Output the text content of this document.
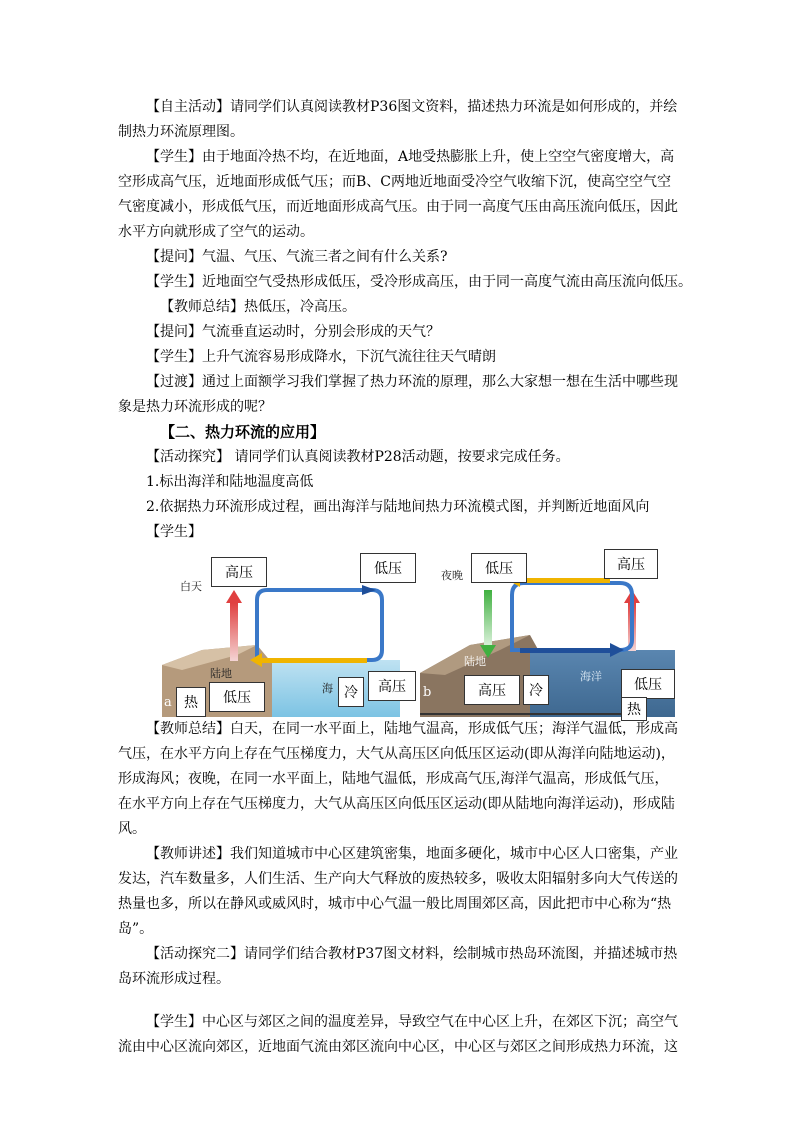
【自主活动】请同学们认真阅读教材P36图文资料，描述热力环流是如何形成的，并绘制热力环流原理图。

【学生】由于地面冷热不均，在近地面，A地受热膨胀上升，使上空空气密度增大，高空形成高气压，近地面形成低气压；而B、C两地近地面受冷空气收缩下沉，使高空空气空气密度减小，形成低气压，而近地面形成高气压。由于同一高度气压由高压流向低压，因此水平方向就形成了空气的运动。

【提问】气温、气压、气流三者之间有什么关系?
【学生】近地面空气受热形成低压，受冷形成高压，由于同一高度气流由高压流向低压。
【教师总结】热低压，冷高压。
【提问】气流垂直运动时，分别会形成的天气？
【学生】上升气流容易形成降水，下沉气流往往天气晴朗

【过渡】通过上面额学习我们掌握了热力环流的原理，那么大家想一想在生活中哪些现象是热力环流形成的呢？

【二、热力环流的应用】
【活动探究】 请同学们认真阅读教材P28活动题，按要求完成任务。
1.标出海洋和陆地温度高低
2.依据热力环流形成过程，画出海洋与陆地间热力环流模式图，并判断近地面风向
【学生】
白天
高压	低压
陆地
海
a 热	低压	冷	高压
夜晚	低压	高压
陆地
海洋
b	高压	冷	低压
热

【教师总结】白天，在同一水平面上，陆地气温高，形成低气压；海洋气温低，形成高气压，在水平方向上存在气压梯度力，大气从高压区向低压区运动(即从海洋向陆地运动)，形成海风；夜晚，在同一水平面上，陆地气温低，形成高气压,海洋气温高，形成低气压，在水平方向上存在气压梯度力，大气从高压区向低压区运动(即从陆地向海洋运动)，形成陆风。

【教师讲述】我们知道城市中心区建筑密集，地面多硬化，城市中心区人口密集，产业发达，汽车数量多，人们生活、生产向大气释放的废热较多，吸收太阳辐射多向大气传送的热量也多，所以在静风或威风时，城市中心气温一般比周围郊区高，因此把市中心称为“热岛”。

【活动探究二】请同学们结合教材P37图文材料，绘制城市热岛环流图，并描述城市热岛环流形成过程。

【学生】中心区与郊区之间的温度差异，导致空气在中心区上升，在郊区下沉；高空气流由中心区流向郊区，近地面气流由郊区流向中心区，中心区与郊区之间形成热力环流，这
